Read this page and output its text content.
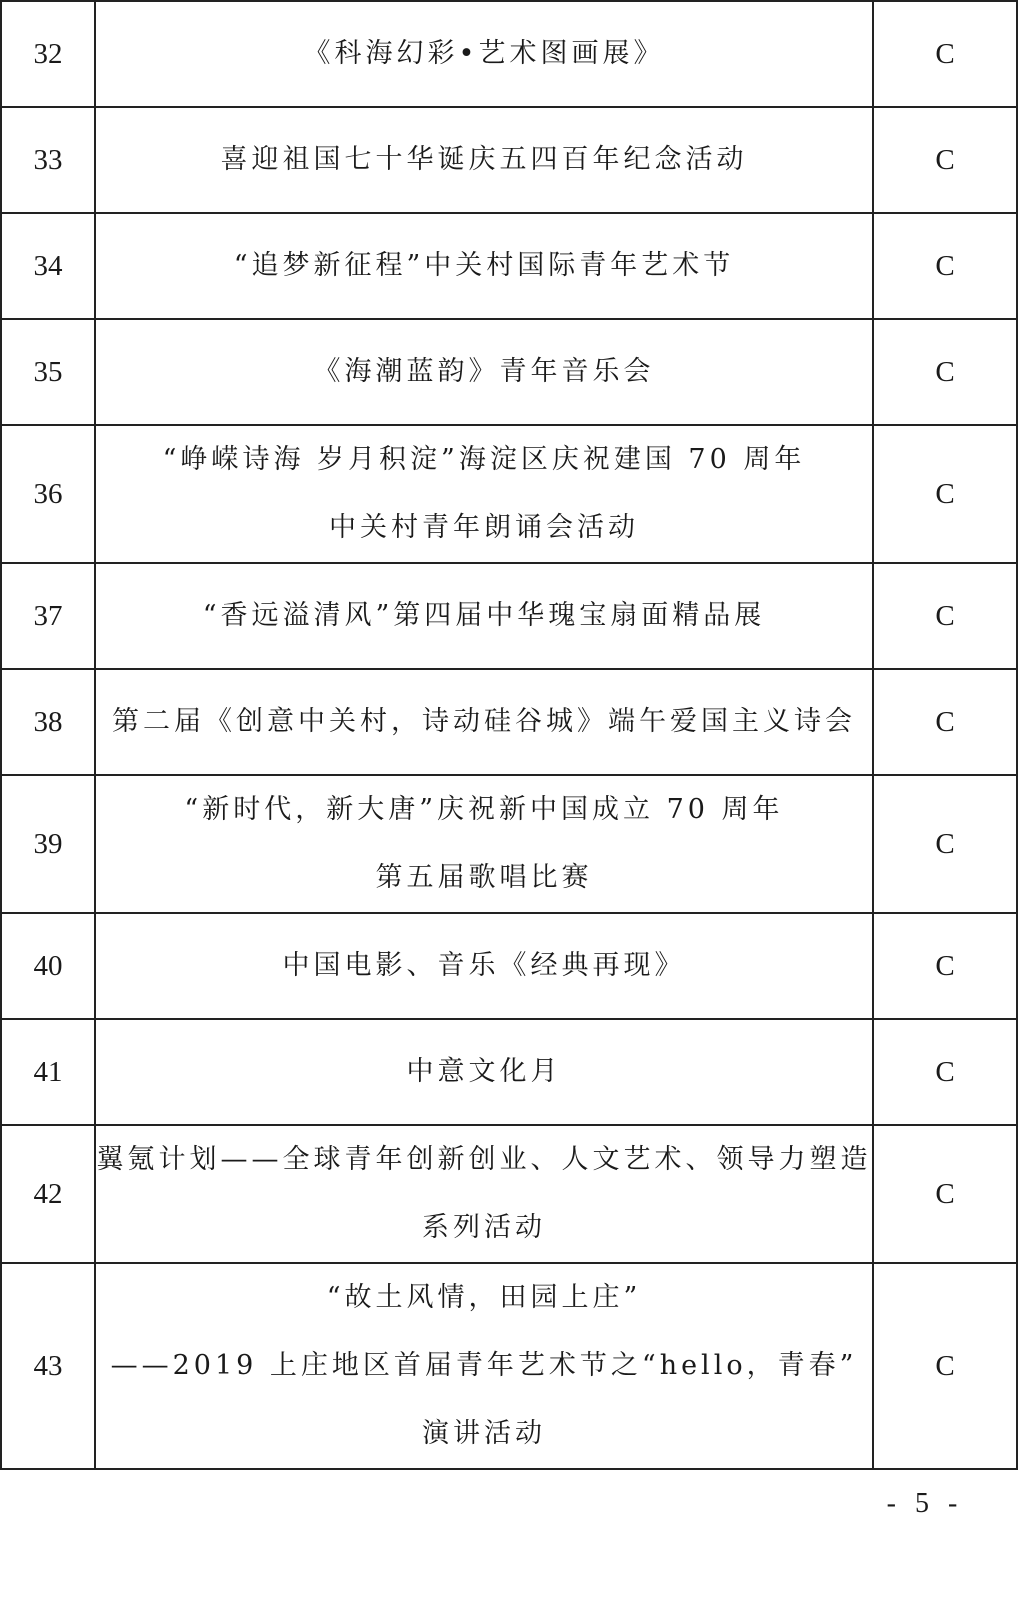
32	《科海幻彩•艺术图画展》	C
33	喜迎祖国七十华诞庆五四百年纪念活动	C
34	“追梦新征程”中关村国际青年艺术节	C
35	《海潮蓝韵》青年音乐会	C
36	“峥嵘诗海 岁月积淀”海淀区庆祝建国 70 周年
中关村青年朗诵会活动	C
37	“香远溢清风”第四届中华瑰宝扇面精品展	C
38	第二届《创意中关村，诗动硅谷城》端午爱国主义诗会	C
39	“新时代，新大唐”庆祝新中国成立 70 周年
第五届歌唱比赛	C
40	中国电影、音乐《经典再现》	C
41	中意文化月	C
42	翼氪计划——全球青年创新创业、人文艺术、领导力塑造
系列活动	C
43	“故土风情，田园上庄”
——2019 上庄地区首届青年艺术节之“hello，青春”
演讲活动	C
- 5 -
